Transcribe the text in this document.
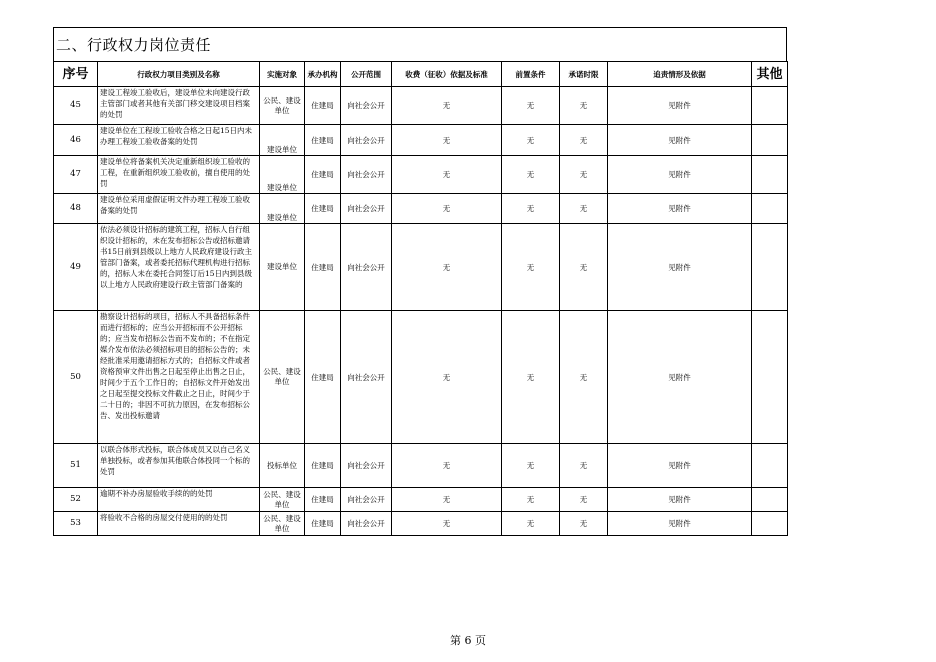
二、行政权力岗位责任
序号	行政权力项目类别及名称	实施对象	承办机构	公开范围	收费（征收）依据及标准	前置条件	承诺时限	追责情形及依据	其他
45	建设工程竣工验收后，建设单位未向建设行政主管部门或者其他有关部门移交建设项目档案的处罚	公民、建设单位	住建局	向社会公开	无	无	无	见附件	
46	建设单位在工程竣工验收合格之日起15日内未办理工程竣工验收备案的处罚	建设单位	住建局	向社会公开	无	无	无	见附件	
47	建设单位将备案机关决定重新组织竣工验收的工程，在重新组织竣工验收前，擅自使用的处罚	建设单位	住建局	向社会公开	无	无	无	见附件	
48	建设单位采用虚假证明文件办理工程竣工验收备案的处罚	建设单位	住建局	向社会公开	无	无	无	见附件	
49	依法必须设计招标的建筑工程，招标人自行组织设计招标的，未在发布招标公告或招标邀请书15日前到县级以上地方人民政府建设行政主管部门备案，或者委托招标代理机构进行招标的，招标人未在委托合同签订后15日内到县级以上地方人民政府建设行政主管部门备案的	建设单位	住建局	向社会公开	无	无	无	见附件	
50	勘察设计招标的项目，招标人不具备招标条件而进行招标的；应当公开招标而不公开招标的；应当发布招标公告而不发布的；不在指定媒介发布依法必须招标项目的招标公告的；未经批准采用邀请招标方式的；自招标文件或者资格预审文件出售之日起至停止出售之日止，时间少于五个工作日的；自招标文件开始发出之日起至提交投标文件截止之日止，时间少于二十日的；非因不可抗力原因，在发布招标公告、发出投标邀请	公民、建设单位	住建局	向社会公开	无	无	无	见附件	
51	以联合体形式投标，联合体成员又以自己名义单独投标，或者参加其他联合体投同一个标的处罚	投标单位	住建局	向社会公开	无	无	无	见附件	
52	逾期不补办房屋验收手续的的处罚	公民、建设单位	住建局	向社会公开	无	无	无	见附件	
53	将验收不合格的房屋交付使用的的处罚	公民、建设单位	住建局	向社会公开	无	无	无	见附件	
第 6 页
